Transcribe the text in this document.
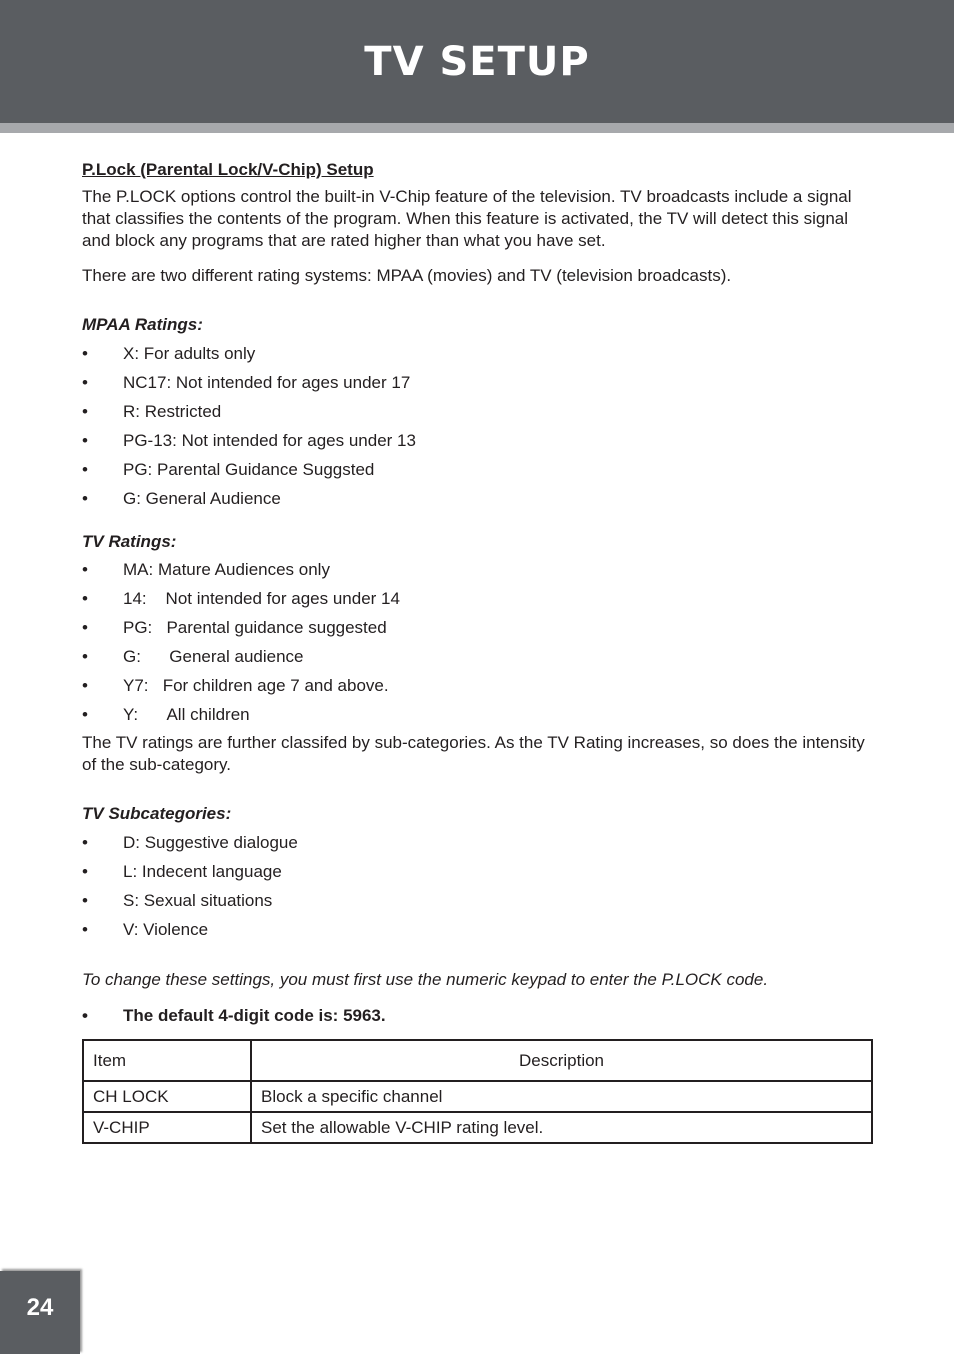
TV SETUP
P.Lock (Parental Lock/V-Chip) Setup

The P.LOCK options control the built-in V-Chip feature of the television. TV broadcasts include a signal that classifies the contents of the program. When this feature is activated, the TV will detect this signal and block any programs that are rated higher than what you have set.

There are two different rating systems: MPAA (movies) and TV (television broadcasts).

MPAA Ratings:
• X: For adults only
• NC17: Not intended for ages under 17
• R: Restricted
• PG-13: Not intended for ages under 13
• PG: Parental Guidance Suggsted
• G: General Audience
TV Ratings:
• MA: Mature Audiences only
• 14: Not intended for ages under 14
• PG: Parental guidance suggested
• G: General audience
• Y7: For children age 7 and above.
• Y: All children

The TV ratings are further classifed by sub-categories. As the TV Rating increases, so does the intensity of the sub-category.

TV Subcategories:
• D: Suggestive dialogue
• L: Indecent language
• S: Sexual situations
• V: Violence
To change these settings, you must first use the numeric keypad to enter the P.LOCK code.
• The default 4-digit code is: 5963.
Item	Description
CH LOCK	Block a specific channel
V-CHIP	Set the allowable V-CHIP rating level.
24
